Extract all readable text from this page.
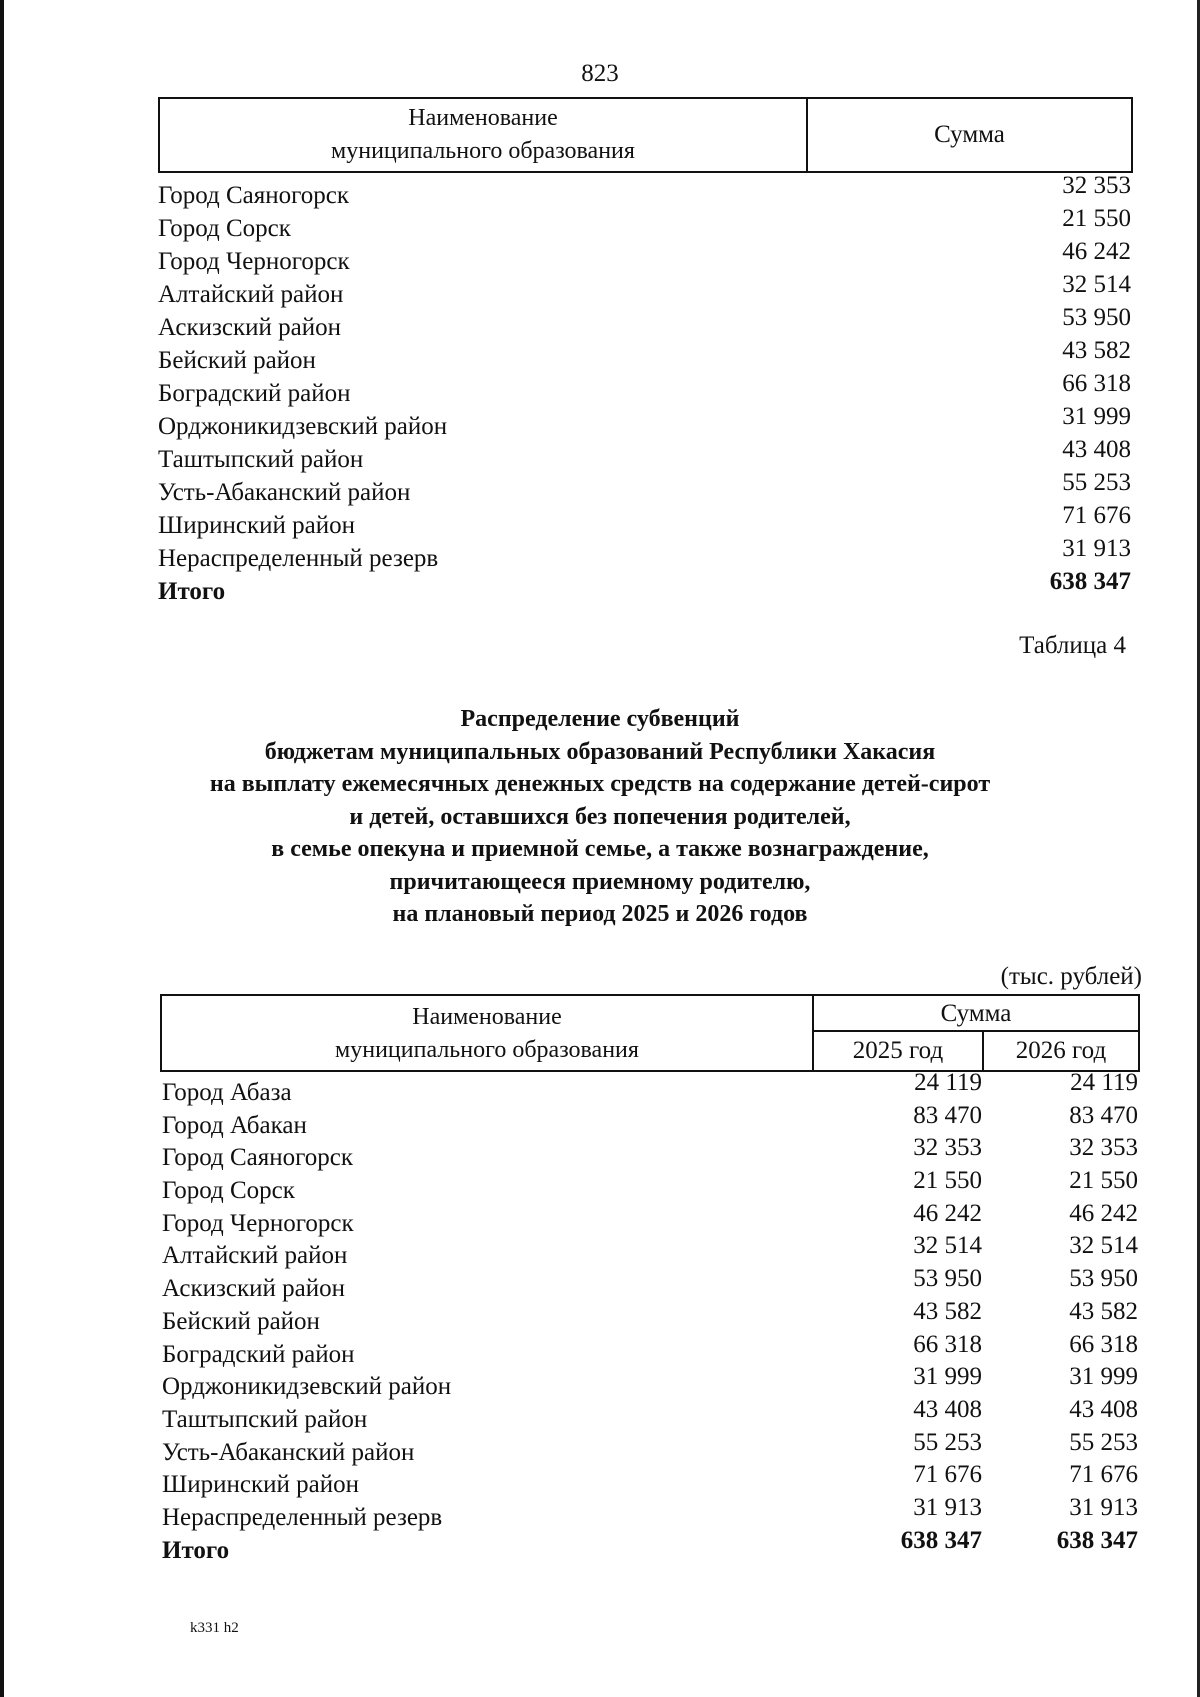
823
Наименование
муниципального образования
Сумма
Город Саяногорск	32 353
Город Сорск	21 550
Город Черногорск	46 242
Алтайский район	32 514
Аскизский район	53 950
Бейский район	43 582
Боградский район	66 318
Орджоникидзевский район	31 999
Таштыпский район	43 408
Усть-Абаканский район	55 253
Ширинский район	71 676
Нераспределенный резерв	31 913
Итого	638 347
Таблица 4
Распределение субвенций
бюджетам муниципальных образований Республики Хакасия
на выплату ежемесячных денежных средств на содержание детей-сирот
и детей, оставшихся без попечения родителей,
в семье опекуна и приемной семье, а также вознаграждение,
причитающееся приемному родителю,
на плановый период 2025 и 2026 годов
(тыс. рублей)
Наименование
муниципального образования
Сумма
2025 год	2026 год
Город Абаза	24 119	24 119
Город Абакан	83 470	83 470
Город Саяногорск	32 353	32 353
Город Сорск	21 550	21 550
Город Черногорск	46 242	46 242
Алтайский район	32 514	32 514
Аскизский район	53 950	53 950
Бейский район	43 582	43 582
Боградский район	66 318	66 318
Орджоникидзевский район	31 999	31 999
Таштыпский район	43 408	43 408
Усть-Абаканский район	55 253	55 253
Ширинский район	71 676	71 676
Нераспределенный резерв	31 913	31 913
Итого	638 347	638 347
k331 h2
